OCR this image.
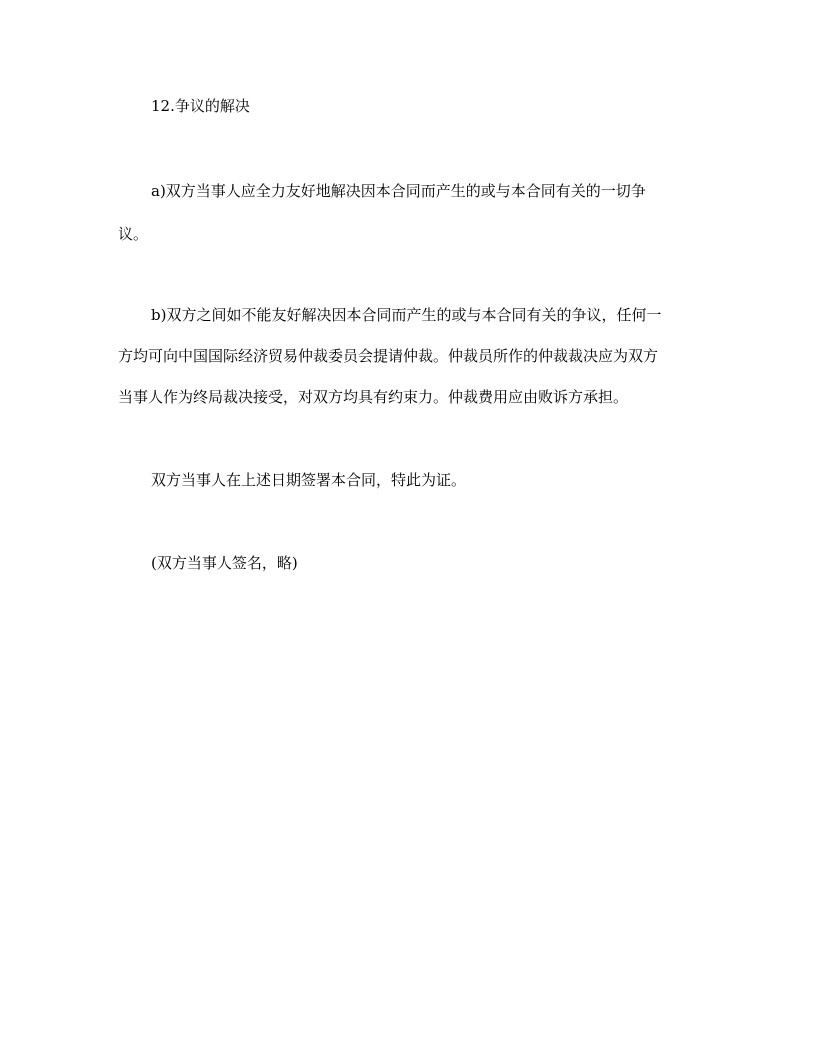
12.争议的解决
a)双方当事人应全力友好地解决因本合同而产生的或与本合同有关的一切争
议。
b)双方之间如不能友好解决因本合同而产生的或与本合同有关的争议，任何一
方均可向中国国际经济贸易仲裁委员会提请仲裁。仲裁员所作的仲裁裁决应为双方
当事人作为终局裁决接受，对双方均具有约束力。仲裁费用应由败诉方承担。
双方当事人在上述日期签署本合同，特此为证。
(双方当事人签名，略)
